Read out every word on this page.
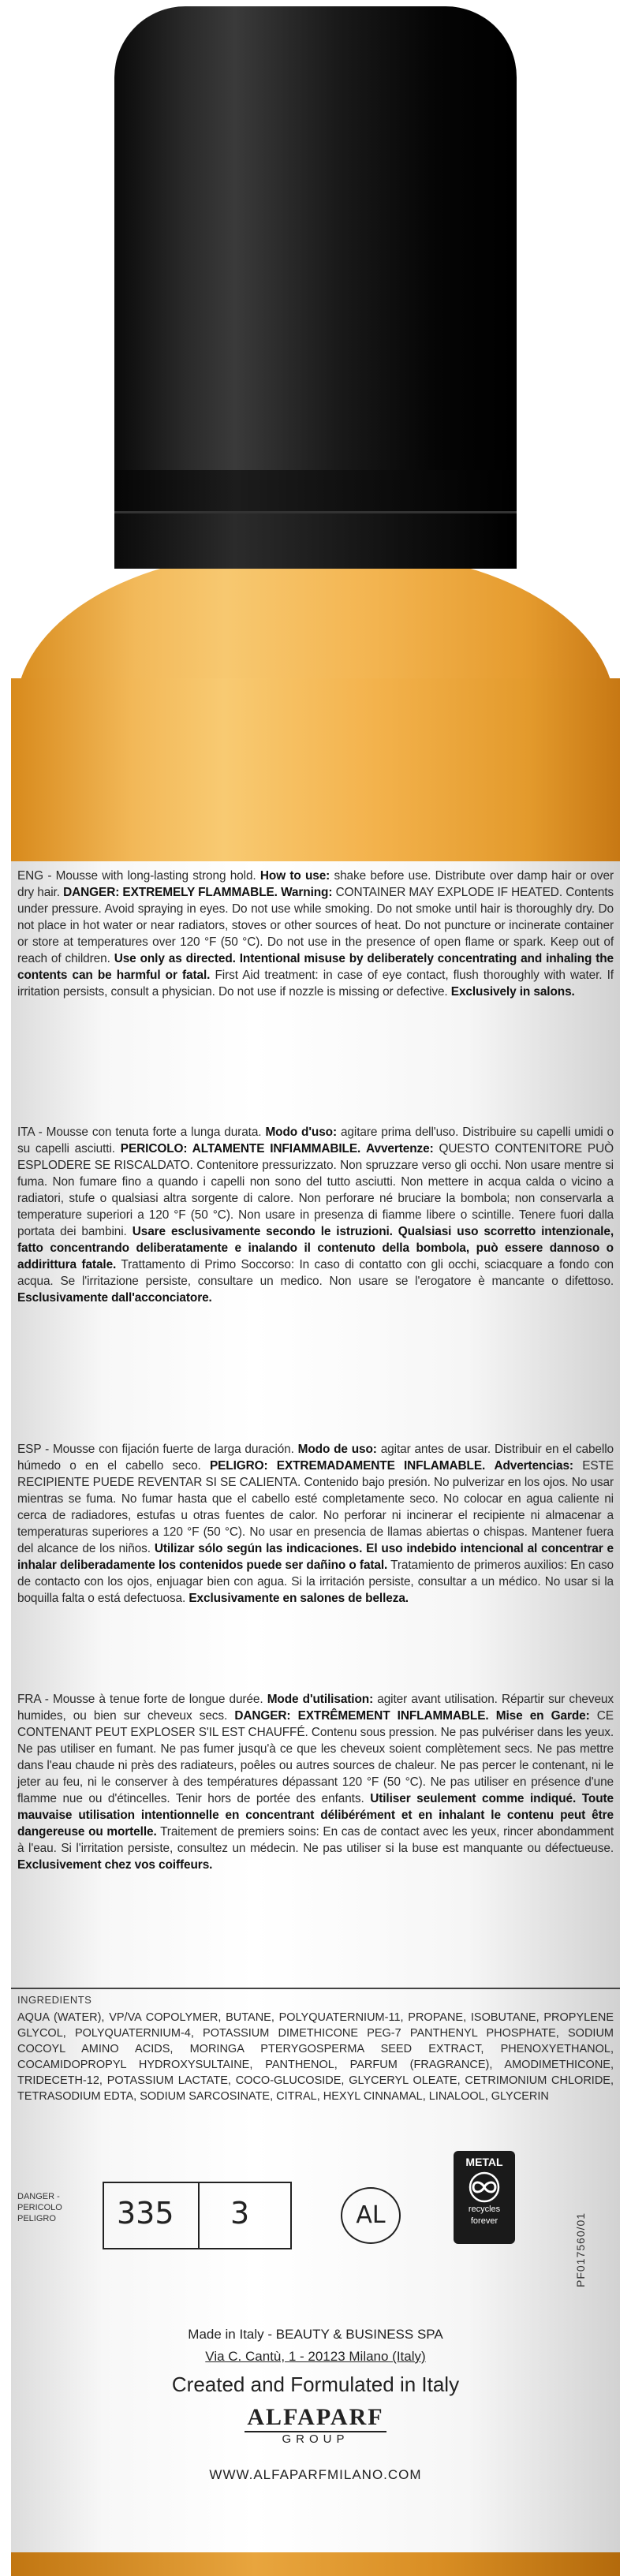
ENG - Mousse with long-lasting strong hold. How to use: shake before use. Distribute over damp hair or over dry hair. DANGER: EXTREMELY FLAMMABLE. Warning: CONTAINER MAY EXPLODE IF HEATED. Contents under pressure. Avoid spraying in eyes. Do not use while smoking. Do not smoke until hair is thoroughly dry. Do not place in hot water or near radiators, stoves or other sources of heat. Do not puncture or incinerate container or store at temperatures over 120 °F (50 °C). Do not use in the presence of open flame or spark. Keep out of reach of children. Use only as directed. Intentional misuse by deliberately concentrating and inhaling the contents can be harmful or fatal. First Aid treatment: in case of eye contact, flush thoroughly with water. If irritation persists, consult a physician. Do not use if nozzle is missing or defective. Exclusively in salons.
ITA - Mousse con tenuta forte a lunga durata. Modo d'uso: agitare prima dell'uso. Distribuire su capelli umidi o su capelli asciutti. PERICOLO: ALTAMENTE INFIAMMABILE. Avvertenze: QUESTO CONTENITORE PUÒ ESPLODERE SE RISCALDATO. Contenitore pressurizzato. Non spruzzare verso gli occhi. Non usare mentre si fuma. Non fumare fino a quando i capelli non sono del tutto asciutti. Non mettere in acqua calda o vicino a radiatori, stufe o qualsiasi altra sorgente di calore. Non perforare né bruciare la bombola; non conservarla a temperature superiori a 120 °F (50 °C). Non usare in presenza di fiamme libere o scintille. Tenere fuori dalla portata dei bambini. Usare esclusivamente secondo le istruzioni. Qualsiasi uso scorretto intenzionale, fatto concentrando deliberatamente e inalando il contenuto della bombola, può essere dannoso o addirittura fatale. Trattamento di Primo Soccorso: In caso di contatto con gli occhi, sciacquare a fondo con acqua. Se l'irritazione persiste, consultare un medico. Non usare se l'erogatore è mancante o difettoso. Esclusivamente dall'acconciatore.
ESP - Mousse con fijación fuerte de larga duración. Modo de uso: agitar antes de usar. Distribuir en el cabello húmedo o en el cabello seco. PELIGRO: EXTREMADAMENTE INFLAMABLE. Advertencias: ESTE RECIPIENTE PUEDE REVENTAR SI SE CALIENTA. Contenido bajo presión. No pulverizar en los ojos. No usar mientras se fuma. No fumar hasta que el cabello esté completamente seco. No colocar en agua caliente ni cerca de radiadores, estufas u otras fuentes de calor. No perforar ni incinerar el recipiente ni almacenar a temperaturas superiores a 120 °F (50 °C). No usar en presencia de llamas abiertas o chispas. Mantener fuera del alcance de los niños. Utilizar sólo según las indicaciones. El uso indebido intencional al concentrar e inhalar deliberadamente los contenidos puede ser dañino o fatal. Tratamiento de primeros auxilios: En caso de contacto con los ojos, enjuagar bien con agua. Si la irritación persiste, consultar a un médico. No usar si la boquilla falta o está defectuosa. Exclusivamente en salones de belleza.
FRA - Mousse à tenue forte de longue durée. Mode d'utilisation: agiter avant utilisation. Répartir sur cheveux humides, ou bien sur cheveux secs. DANGER: EXTRÊMEMENT INFLAMMABLE. Mise en Garde: CE CONTENANT PEUT EXPLOSER S'IL EST CHAUFFÉ. Contenu sous pression. Ne pas pulvériser dans les yeux. Ne pas utiliser en fumant. Ne pas fumer jusqu'à ce que les cheveux soient complètement secs. Ne pas mettre dans l'eau chaude ni près des radiateurs, poêles ou autres sources de chaleur. Ne pas percer le contenant, ni le jeter au feu, ni le conserver à des températures dépassant 120 °F (50 °C). Ne pas utiliser en présence d'une flamme nue ou d'étincelles. Tenir hors de portée des enfants. Utiliser seulement comme indiqué. Toute mauvaise utilisation intentionnelle en concentrant délibérément et en inhalant le contenu peut être dangereuse ou mortelle. Traitement de premiers soins: En cas de contact avec les yeux, rincer abondamment à l'eau. Si l'irritation persiste, consultez un médecin. Ne pas utiliser si la buse est manquante ou défectueuse. Exclusivement chez vos coiffeurs.
INGREDIENTS
AQUA (WATER), VP/VA COPOLYMER, BUTANE, POLYQUATERNIUM-11, PROPANE, ISOBUTANE, PROPYLENE GLYCOL, POLYQUATERNIUM-4, POTASSIUM DIMETHICONE PEG-7 PANTHENYL PHOSPHATE, SODIUM COCOYL AMINO ACIDS, MORINGA PTERYGOSPERMA SEED EXTRACT, PHENOXYETHANOL, COCAMIDOPROPYL HYDROXYSULTAINE, PANTHENOL, PARFUM (FRAGRANCE), AMODIMETHICONE, TRIDECETH-12, POTASSIUM LACTATE, COCO-GLUCOSIDE, GLYCERYL OLEATE, CETRIMONIUM CHLORIDE, TETRASODIUM EDTA, SODIUM SARCOSINATE, CITRAL, HEXYL CINNAMAL, LINALOOL, GLYCERIN
DANGER - PERICOLO PELIGRO	335 3	AL
METAL
recycles
forever	PF017560/01
Made in Italy - BEAUTY & BUSINESS SPA
Via C. Cantù, 1 - 20123 Milano (Italy)
Created and Formulated in Italy
ALFAPARF
GROUP
WWW.ALFAPARFMILANO.COM
